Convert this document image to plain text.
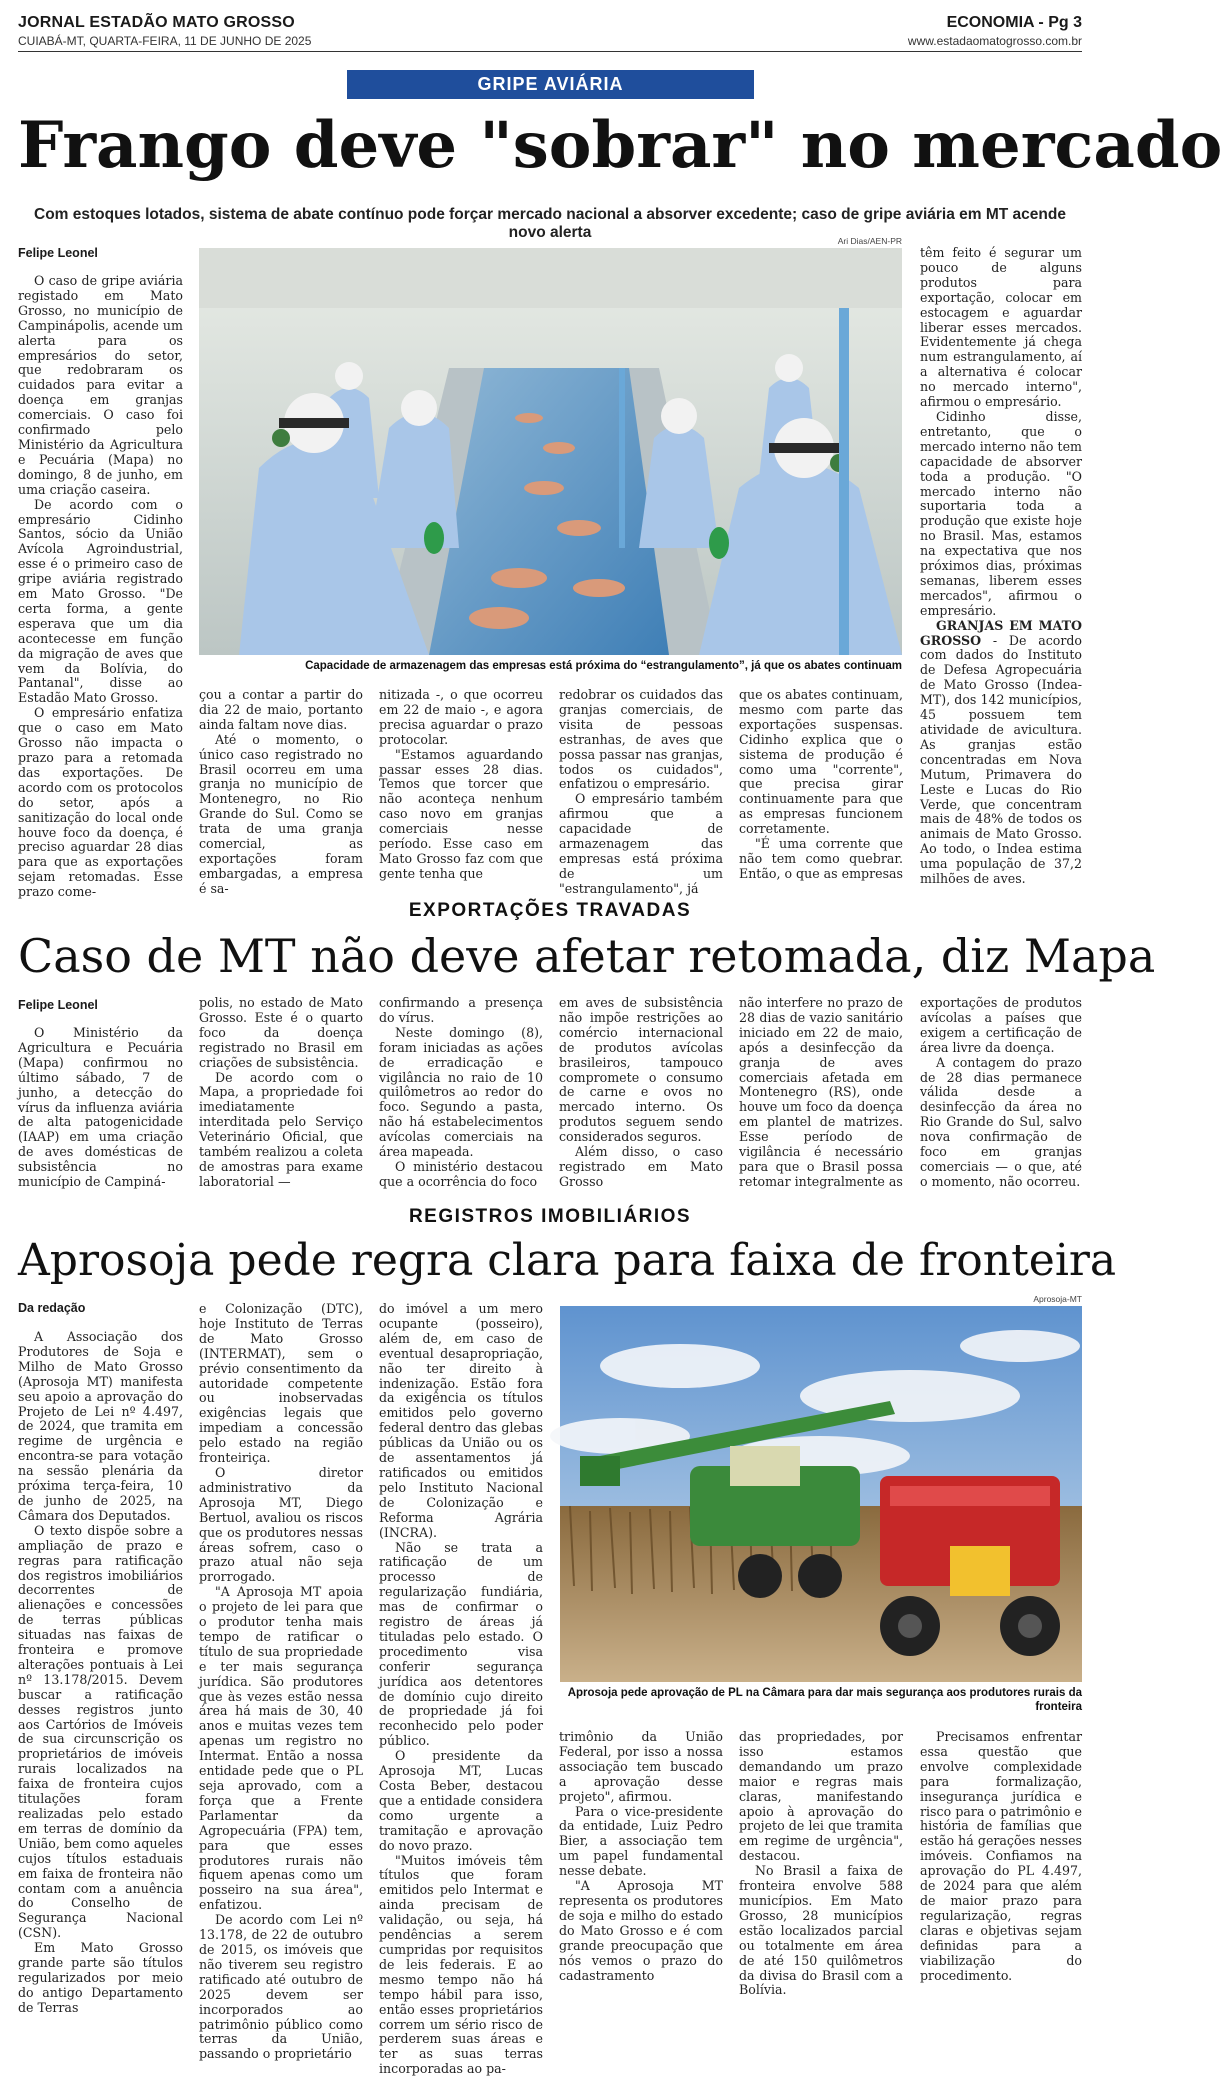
JORNAL ESTADÃO MATO GROSSO
CUIABÁ-MT, QUARTA-FEIRA, 11 DE JUNHO DE 2025
ECONOMIA - Pg 3
www.estadaomatogrosso.com.br
GRIPE AVIÁRIA
Frango deve "sobrar" no mercado
Com estoques lotados, sistema de abate contínuo pode forçar mercado nacional a absorver excedente; caso de gripe aviária em MT acende novo alerta
Felipe Leonel
Ari Dias/AEN-PR
Capacidade de armazenagem das empresas está próxima do “estrangulamento”, já que os abates continuam

O caso de gripe aviária registado em Mato Grosso, no município de Campinápolis, acende um alerta para os empresários do setor, que redobraram os cuidados para evitar a doença em granjas comerciais. O caso foi confirmado pelo Ministério da Agricultura e Pecuária (Mapa) no domingo, 8 de junho, em uma criação caseira.

De acordo com o empresário Cidinho Santos, sócio da União Avícola Agroindustrial, esse é o primeiro caso de gripe aviária registrado em Mato Grosso. "De certa forma, a gente esperava que um dia acontecesse em função da migração de aves que vem da Bolívia, do Pantanal", disse ao Estadão Mato Grosso.

O empresário enfatiza que o caso em Mato Grosso não impacta o prazo para a retomada das exportações. De acordo com os protocolos do setor, após a sanitização do local onde houve foco da doença, é preciso aguardar 28 dias para que as exportações sejam retomadas. Esse prazo come-

çou a contar a partir do dia 22 de maio, portanto ainda faltam nove dias.

Até o momento, o único caso registrado no Brasil ocorreu em uma granja no município de Montenegro, no Rio Grande do Sul. Como se trata de uma granja comercial, as exportações foram embargadas, a empresa é sa-

nitizada -, o que ocorreu em 22 de maio -, e agora precisa aguardar o prazo protocolar.

"Estamos aguardando passar esses 28 dias. Temos que torcer que não aconteça nenhum caso novo em granjas comerciais nesse período. Esse caso em Mato Grosso faz com que gente tenha que

redobrar os cuidados das granjas comerciais, de visita de pessoas estranhas, de aves que possa passar nas granjas, todos os cuidados", enfatizou o empresário.

O empresário também afirmou que a capacidade de armazenagem das empresas está próxima de um "estrangulamento", já

que os abates continuam, mesmo com parte das exportações suspensas. Cidinho explica que o sistema de produção é como uma "corrente", que precisa girar continuamente para que as empresas funcionem corretamente.

"É uma corrente que não tem como quebrar. Então, o que as empresas

têm feito é segurar um pouco de alguns produtos para exportação, colocar em estocagem e aguardar liberar esses mercados. Evidentemente já chega num estrangulamento, aí a alternativa é colocar no mercado interno", afirmou o empresário.

Cidinho disse, entretanto, que o mercado interno não tem capacidade de absorver toda a produção. "O mercado interno não suportaria toda a produção que existe hoje no Brasil. Mas, estamos na expectativa que nos próximos dias, próximas semanas, liberem esses mercados", afirmou o empresário.

GRANJAS EM MATO GROSSO - De acordo com dados do Instituto de Defesa Agropecuária de Mato Grosso (Indea-MT), dos 142 municípios, 45 possuem tem atividade de avicultura. As granjas estão concentradas em Nova Mutum, Primavera do Leste e Lucas do Rio Verde, que concentram mais de 48% de todos os animais de Mato Grosso. Ao todo, o Indea estima uma população de 37,2 milhões de aves.

EXPORTAÇÕES TRAVADAS
Caso de MT não deve afetar retomada, diz Mapa
Felipe Leonel

O Ministério da Agricultura e Pecuária (Mapa) confirmou no último sábado, 7 de junho, a detecção do vírus da influenza aviária de alta patogenicidade (IAAP) em uma criação de aves domésticas de subsistência no município de Campiná-

polis, no estado de Mato Grosso. Este é o quarto foco da doença registrado no Brasil em criações de subsistência.

De acordo com o Mapa, a propriedade foi imediatamente interditada pelo Serviço Veterinário Oficial, que também realizou a coleta de amostras para exame laboratorial —

confirmando a presença do vírus.

Neste domingo (8), foram iniciadas as ações de erradicação e vigilância no raio de 10 quilômetros ao redor do foco. Segundo a pasta, não há estabelecimentos avícolas comerciais na área mapeada.

O ministério destacou que a ocorrência do foco

em aves de subsistência não impõe restrições ao comércio internacional de produtos avícolas brasileiros, tampouco compromete o consumo de carne e ovos no mercado interno. Os produtos seguem sendo considerados seguros.

Além disso, o caso registrado em Mato Grosso

não interfere no prazo de 28 dias de vazio sanitário iniciado em 22 de maio, após a desinfecção da granja de aves comerciais afetada em Montenegro (RS), onde houve um foco da doença em plantel de matrizes. Esse período de vigilância é necessário para que o Brasil possa retomar integralmente as

exportações de produtos avícolas a países que exigem a certificação de área livre da doença.

A contagem do prazo de 28 dias permanece válida desde a desinfecção da área no Rio Grande do Sul, salvo nova confirmação de foco em granjas comerciais — o que, até o momento, não ocorreu.

REGISTROS IMOBILIÁRIOS
Aprosoja pede regra clara para faixa de fronteira
Da redação
Aprosoja-MT
Aprosoja pede aprovação de PL na Câmara para dar mais segurança aos produtores rurais da fronteira

A Associação dos Produtores de Soja e Milho de Mato Grosso (Aprosoja MT) manifesta seu apoio a aprovação do Projeto de Lei nº 4.497, de 2024, que tramita em regime de urgência e encontra-se para votação na sessão plenária da próxima terça-feira, 10 de junho de 2025, na Câmara dos Deputados.

O texto dispõe sobre a ampliação de prazo e regras para ratificação dos registros imobiliários decorrentes de alienações e concessões de terras públicas situadas nas faixas de fronteira e promove alterações pontuais à Lei nº 13.178/2015. Devem buscar a ratificação desses registros junto aos Cartórios de Imóveis de sua circunscrição os proprietários de imóveis rurais localizados na faixa de fronteira cujos titulações foram realizadas pelo estado em terras de domínio da União, bem como aqueles cujos títulos estaduais em faixa de fronteira não contam com a anuência do Conselho de Segurança Nacional (CSN).

Em Mato Grosso grande parte são títulos regularizados por meio do antigo Departamento de Terras

e Colonização (DTC), hoje Instituto de Terras de Mato Grosso (INTERMAT), sem o prévio consentimento da autoridade competente ou inobservadas exigências legais que impediam a concessão pelo estado na região fronteiriça.

O diretor administrativo da Aprosoja MT, Diego Bertuol, avaliou os riscos que os produtores nessas áreas sofrem, caso o prazo atual não seja prorrogado.

"A Aprosoja MT apoia o projeto de lei para que o produtor tenha mais tempo de ratificar o título de sua propriedade e ter mais segurança jurídica. São produtores que às vezes estão nessa área há mais de 30, 40 anos e muitas vezes tem apenas um registro no Intermat. Então a nossa entidade pede que o PL seja aprovado, com a força que a Frente Parlamentar da Agropecuária (FPA) tem, para que esses produtores rurais não fiquem apenas como um posseiro na sua área", enfatizou.

De acordo com Lei nº 13.178, de 22 de outubro de 2015, os imóveis que não tiverem seu registro ratificado até outubro de 2025 devem ser incorporados ao patrimônio público como terras da União, passando o proprietário

do imóvel a um mero ocupante (posseiro), além de, em caso de eventual desapropriação, não ter direito à indenização. Estão fora da exigência os títulos emitidos pelo governo federal dentro das glebas públicas da União ou os de assentamentos já ratificados ou emitidos pelo Instituto Nacional de Colonização e Reforma Agrária (INCRA).

Não se trata a ratificação de um processo de regularização fundiária, mas de confirmar o registro de áreas já tituladas pelo estado. O procedimento visa conferir segurança jurídica aos detentores de domínio cujo direito de propriedade já foi reconhecido pelo poder público.

O presidente da Aprosoja MT, Lucas Costa Beber, destacou que a entidade considera como urgente a tramitação e aprovação do novo prazo.

"Muitos imóveis têm títulos que foram emitidos pelo Intermat e ainda precisam de validação, ou seja, há pendências a serem cumpridas por requisitos de leis federais. E ao mesmo tempo não há tempo hábil para isso, então esses proprietários correm um sério risco de perderem suas áreas e ter as suas terras incorporadas ao pa-

trimônio da União Federal, por isso a nossa associação tem buscado a aprovação desse projeto", afirmou.

Para o vice-presidente da entidade, Luiz Pedro Bier, a associação tem um papel fundamental nesse debate.

"A Aprosoja MT representa os produtores de soja e milho do estado do Mato Grosso e é com grande preocupação que nós vemos o prazo do cadastramento

das propriedades, por isso estamos demandando um prazo maior e regras mais claras, manifestando apoio à aprovação do projeto de lei que tramita em regime de urgência", destacou.

No Brasil a faixa de fronteira envolve 588 municípios. Em Mato Grosso, 28 municípios estão localizados parcial ou totalmente em área de até 150 quilômetros da divisa do Brasil com a Bolívia.

Precisamos enfrentar essa questão que envolve complexidade para formalização, insegurança jurídica e risco para o patrimônio e história de famílias que estão há gerações nesses imóveis. Confiamos na aprovação do PL 4.497, de 2024 para que além de maior prazo para regularização, regras claras e objetivas sejam definidas para a viabilização do procedimento.
